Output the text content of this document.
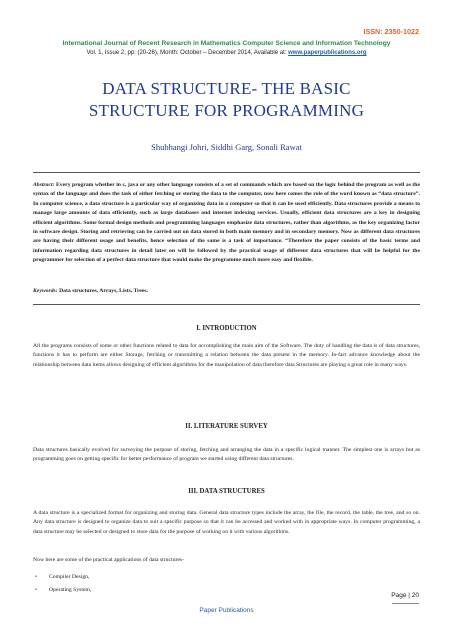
ISSN: 2350-1022
International Journal of Recent Research in Mathematics Computer Science and Information Technology
Vol. 1, Issue 2, pp: (20-26), Month: October – December 2014, Available at: www.paperpublications.org
DATA STRUCTURE- THE BASIC
STRUCTURE FOR PROGRAMMING
Shubhangi Johri, Siddhi Garg, Sonali Rawat
Abstract: Every program whether in c, java or any other language consists of a set of commands which are based on the logic behind the program as well as the syntax of the language and does the task of either fetching or storing the data to the computer, now here comes the role of the word known as “data structure”. In computer science, a data structure is a particular way of organizing data in a computer so that it can be used efficiently. Data structures provide a means to manage large amounts of data efficiently, such as large databases and internet indexing services. Usually, efficient data structures are a key in designing efficient algorithms. Some formal design methods and programming languages emphasize data structures, rather than algorithms, as the key organizing factor in software design. Storing and retrieving can be carried out on data stored in both main memory and in secondary memory. Now as different data structures are having their different usage and benefits, hence selection of the same is a task of importance. “Therefore the paper consists of the basic terms and information regarding data structures in detail later on will be followed by the practical usage of different data structures that will be helpful for the programmer for selection of a perfect data structure that would make the programme much more easy and flexible.
Keywords: Data structures, Arrays, Lists, Trees.
I. INTRODUCTION
All the programs consists of some or other functions related to data for accomplishing the main aim of the Software. The duty of handling the data is of data structures, functions it has to perform are either Storage, fetching or transmitting a relation between the data present in the memory. In-fact advance knowledge about the relationship between data items allows designing of efficient algorithms for the manipulation of data therefore data Structures are playing a great role in many ways.
II. LITERATURE SURVEY
Data structures basically evolved for surveying the purpose of storing, fetching and arranging the data in a specific logical manner. The simplest one is arrays but as programming goes on getting specific for better performance of program we started using different data structures.
III. DATA STRUCTURES
A data structure is a specialized format for organizing and storing data. General data structure types include the array, the file, the record, the table, the tree, and so on. Any data structure is designed to organize data to suit a specific purpose so that it can be accessed and worked with in appropriate ways. In computer programming, a data structure may be selected or designed to store data for the purpose of working on it with various algorithms.
Now here are some of the practical applications of data structures-
• Compiler Design,
• Operating System,
Page | 20
Paper Publications
